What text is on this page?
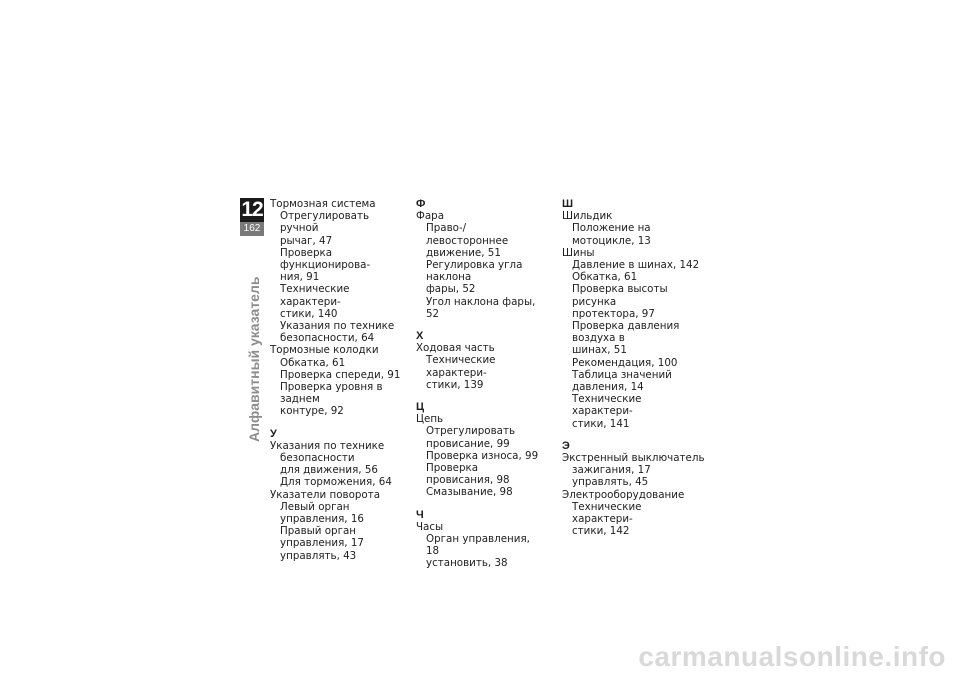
12
162
Алфавитный указатель
Тормозная система
Отрегулировать ручной
рычаг, 47
Проверка функционирова-
ния, 91
Технические характери-
стики, 140
Указания по технике
безопасности, 64
Тормозные колодки
Обкатка, 61
Проверка спереди, 91
Проверка уровня в заднем
контуре, 92
У
Указания по технике
безопасности
для движения, 56
Для торможения, 64
Указатели поворота
Левый орган управления, 16
Правый орган управления, 17
управлять, 43
Ф
Фара
Право-/левостороннее
движение, 51
Регулировка угла наклона
фары, 52
Угол наклона фары, 52
Х
Ходовая часть
Технические характери-
стики, 139
Ц
Цепь
Отрегулировать
провисание, 99
Проверка износа, 99
Проверка провисания, 98
Смазывание, 98
Ч
Часы
Орган управления, 18
установить, 38
Ш
Шильдик
Положение на мотоцикле, 13
Шины
Давление в шинах, 142
Обкатка, 61
Проверка высоты рисунка
протектора, 97
Проверка давления воздуха в
шинах, 51
Рекомендация, 100
Таблица значений
давления, 14
Технические характери-
стики, 141
Э
Экстренный выключатель
зажигания, 17
управлять, 45
Электрооборудование
Технические характери-
стики, 142
carmanualsonline.info
